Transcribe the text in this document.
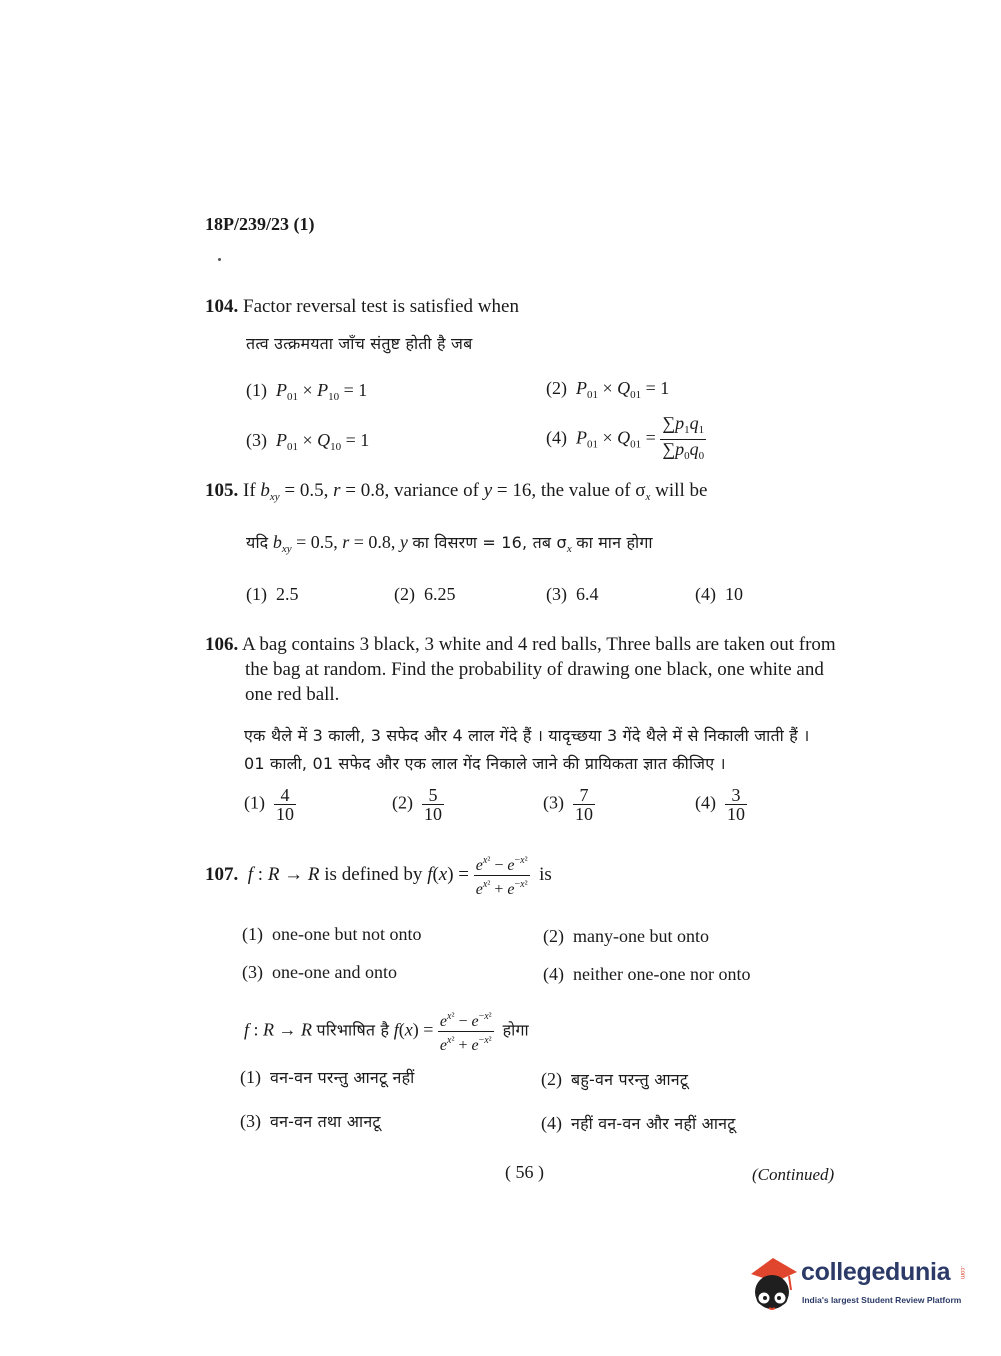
18P/239/23 (1)
104. Factor reversal test is satisfied when
तत्व उत्क्रमयता जाँच संतुष्ट होती है जब
(1) $P_{01} \times P_{10} = 1$	(2) $P_{01} \times Q_{01} = 1$
(3) $P_{01} \times Q_{10} = 1$	(4) $P_{01} \times Q_{01} = \frac{\sum p_1q_1}{\sum p_0q_0}$
105. If $b_{xy} = 0.5$, r = 0.8, variance of y = 16, the value of $\sigma_x$ will be
यदि $b_{xy} = 0.5$, r = 0.8, y का विसरण = 16, तब $\sigma_x$ का मान होगा
(1) 2.5	(2) 6.25	(3) 6.4	(4) 10
106. A bag contains 3 black, 3 white and 4 red balls, Three balls are taken out from
the bag at random. Find the probability of drawing one black, one white and
one red ball.
एक थैले में 3 काली, 3 सफेद और 4 लाल गेंदे हैं । यादृच्छया 3 गेंदे थैले में से निकाली जाती हैं ।
01 काली, 01 सफेद और एक लाल गेंद निकाले जाने की प्रायिकता ज्ञात कीजिए ।
$(1) \frac{4}{10}$	$(2) \frac{5}{10}$	$(3) \frac{7}{10}$	$(4) \frac{3}{10}$
107. f : R → R is defined by $f(x) = \frac{e^{x^2} - e^{-x^2}}{e^{x^2} + e^{-x^2}}$ is
(1) one-one but not onto	(2) many-one but onto
(3) one-one and onto	(4) neither one-one nor onto
f : R → R परिभाषित है $f(x) = \frac{e^{x^2} - e^{-x^2}}{e^{x^2} + e^{-x^2}}$ होगा
(1) वन-वन परन्तु आनटू नहीं	(2) बहु-वन परन्तु आनटू
(3) वन-वन तथा आनटू	(4) नहीं वन-वन और नहीं आनटू
( 56 )	(Continued)
collegedunia
India's largest Student Review Platform
.com
